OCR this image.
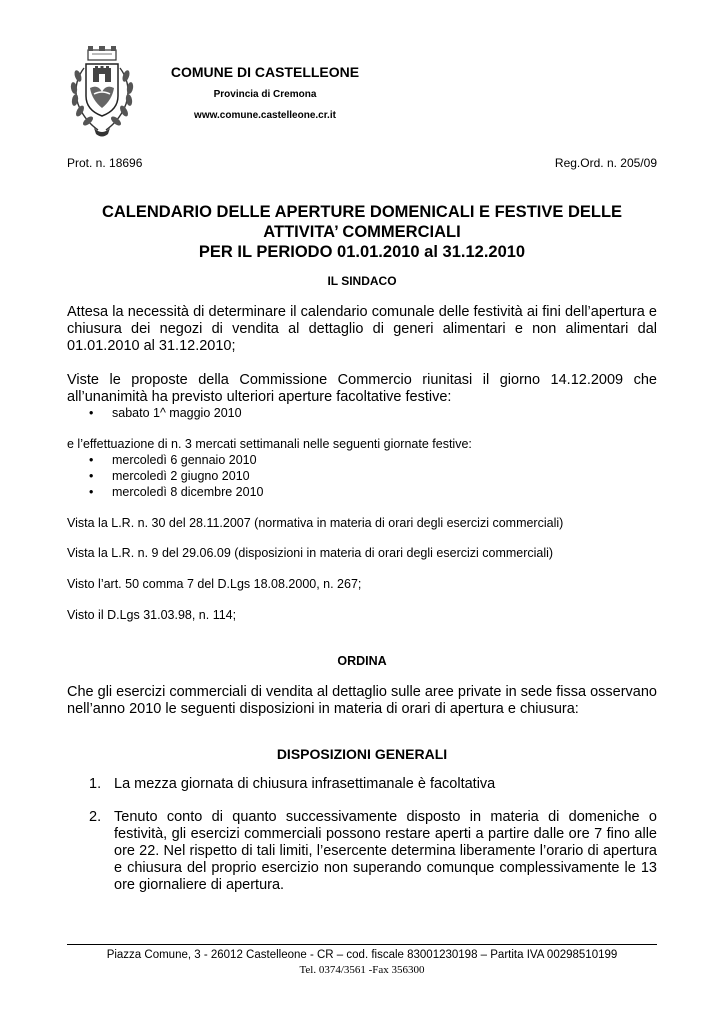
COMUNE DI CASTELLEONE
Provincia di Cremona
www.comune.castelleone.cr.it
Prot. n. 18696	Reg.Ord. n. 205/09
CALENDARIO DELLE APERTURE DOMENICALI E FESTIVE DELLE
ATTIVITA’ COMMERCIALI
PER IL PERIODO 01.01.2010 al 31.12.2010
IL SINDACO
Attesa la necessità di determinare il calendario comunale delle festività ai fini dell’apertura e chiusura dei negozi di vendita al dettaglio di generi alimentari e non alimentari dal 01.01.2010 al 31.12.2010;
Viste le proposte della Commissione Commercio riunitasi il giorno 14.12.2009 che all’unanimità ha previsto ulteriori aperture facoltative festive:
• sabato 1^ maggio 2010
e l’effettuazione di n. 3 mercati settimanali nelle seguenti giornate festive:
• mercoledì 6 gennaio 2010
• mercoledì 2 giugno 2010
• mercoledì 8 dicembre 2010
Vista la L.R. n. 30 del 28.11.2007 (normativa in materia di orari degli esercizi commerciali)
Vista la L.R. n. 9 del 29.06.09 (disposizioni in materia di orari degli esercizi commerciali)
Visto l’art. 50 comma 7 del D.Lgs 18.08.2000, n. 267;
Visto il D.Lgs 31.03.98, n. 114;
ORDINA
Che gli esercizi commerciali di vendita al dettaglio sulle aree private in sede fissa osservano nell’anno 2010 le seguenti disposizioni in materia di orari di apertura e chiusura:
DISPOSIZIONI GENERALI
1. La mezza giornata di chiusura infrasettimanale è facoltativa
2. Tenuto conto di quanto successivamente disposto in materia di domeniche o festività, gli esercizi commerciali possono restare aperti a partire dalle ore 7 fino alle ore 22. Nel rispetto di tali limiti, l’esercente determina liberamente l’orario di apertura e chiusura del proprio esercizio non superando comunque complessivamente le 13 ore giornaliere di apertura.
Piazza Comune, 3 - 26012 Castelleone - CR – cod. fiscale 83001230198 – Partita IVA 00298510199
Tel. 0374/3561 -Fax 356300
